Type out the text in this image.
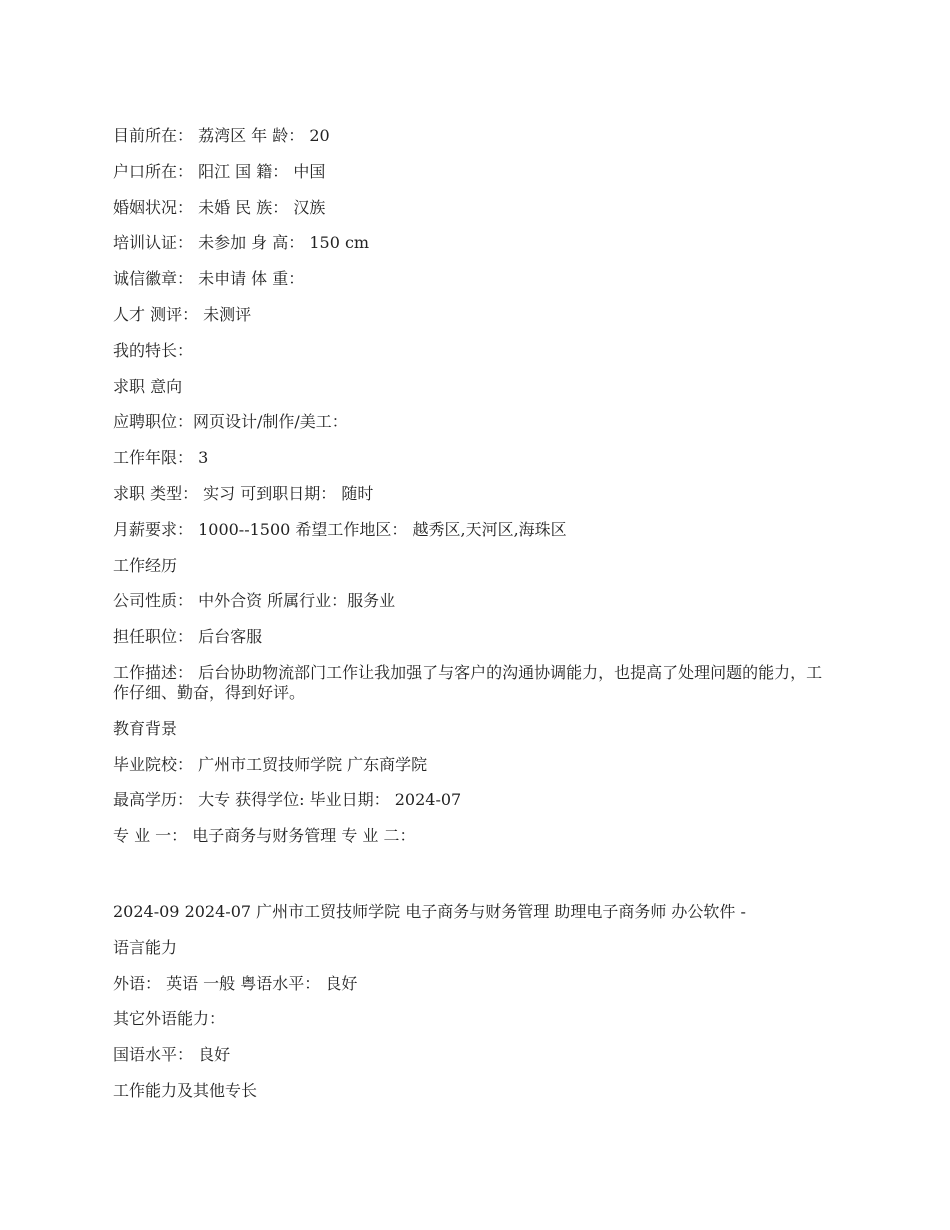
目前所在： 荔湾区 年 龄： 20
户口所在： 阳江 国 籍： 中国
婚姻状况： 未婚 民 族： 汉族
培训认证： 未参加 身 高： 150 cm
诚信徽章： 未申请 体 重：
人才 测评： 未测评
我的特长：
求职 意向
应聘职位：网页设计/制作/美工：
工作年限： 3
求职 类型： 实习 可到职日期： 随时
月薪要求： 1000--1500 希望工作地区： 越秀区,天河区,海珠区
工作经历
公司性质： 中外合资 所属行业：服务业
担任职位： 后台客服
工作描述： 后台协助物流部门工作让我加强了与客户的沟通协调能力，也提高了处理问题的能力，工作仔细、勤奋，得到好评。
教育背景
毕业院校： 广州市工贸技师学院 广东商学院
最高学历： 大专 获得学位: 毕业日期： 2024-07
专 业 一： 电子商务与财务管理 专 业 二：
2024-09 2024-07 广州市工贸技师学院 电子商务与财务管理 助理电子商务师 办公软件 -
语言能力
外语： 英语 一般 粤语水平： 良好
其它外语能力：
国语水平： 良好
工作能力及其他专长
